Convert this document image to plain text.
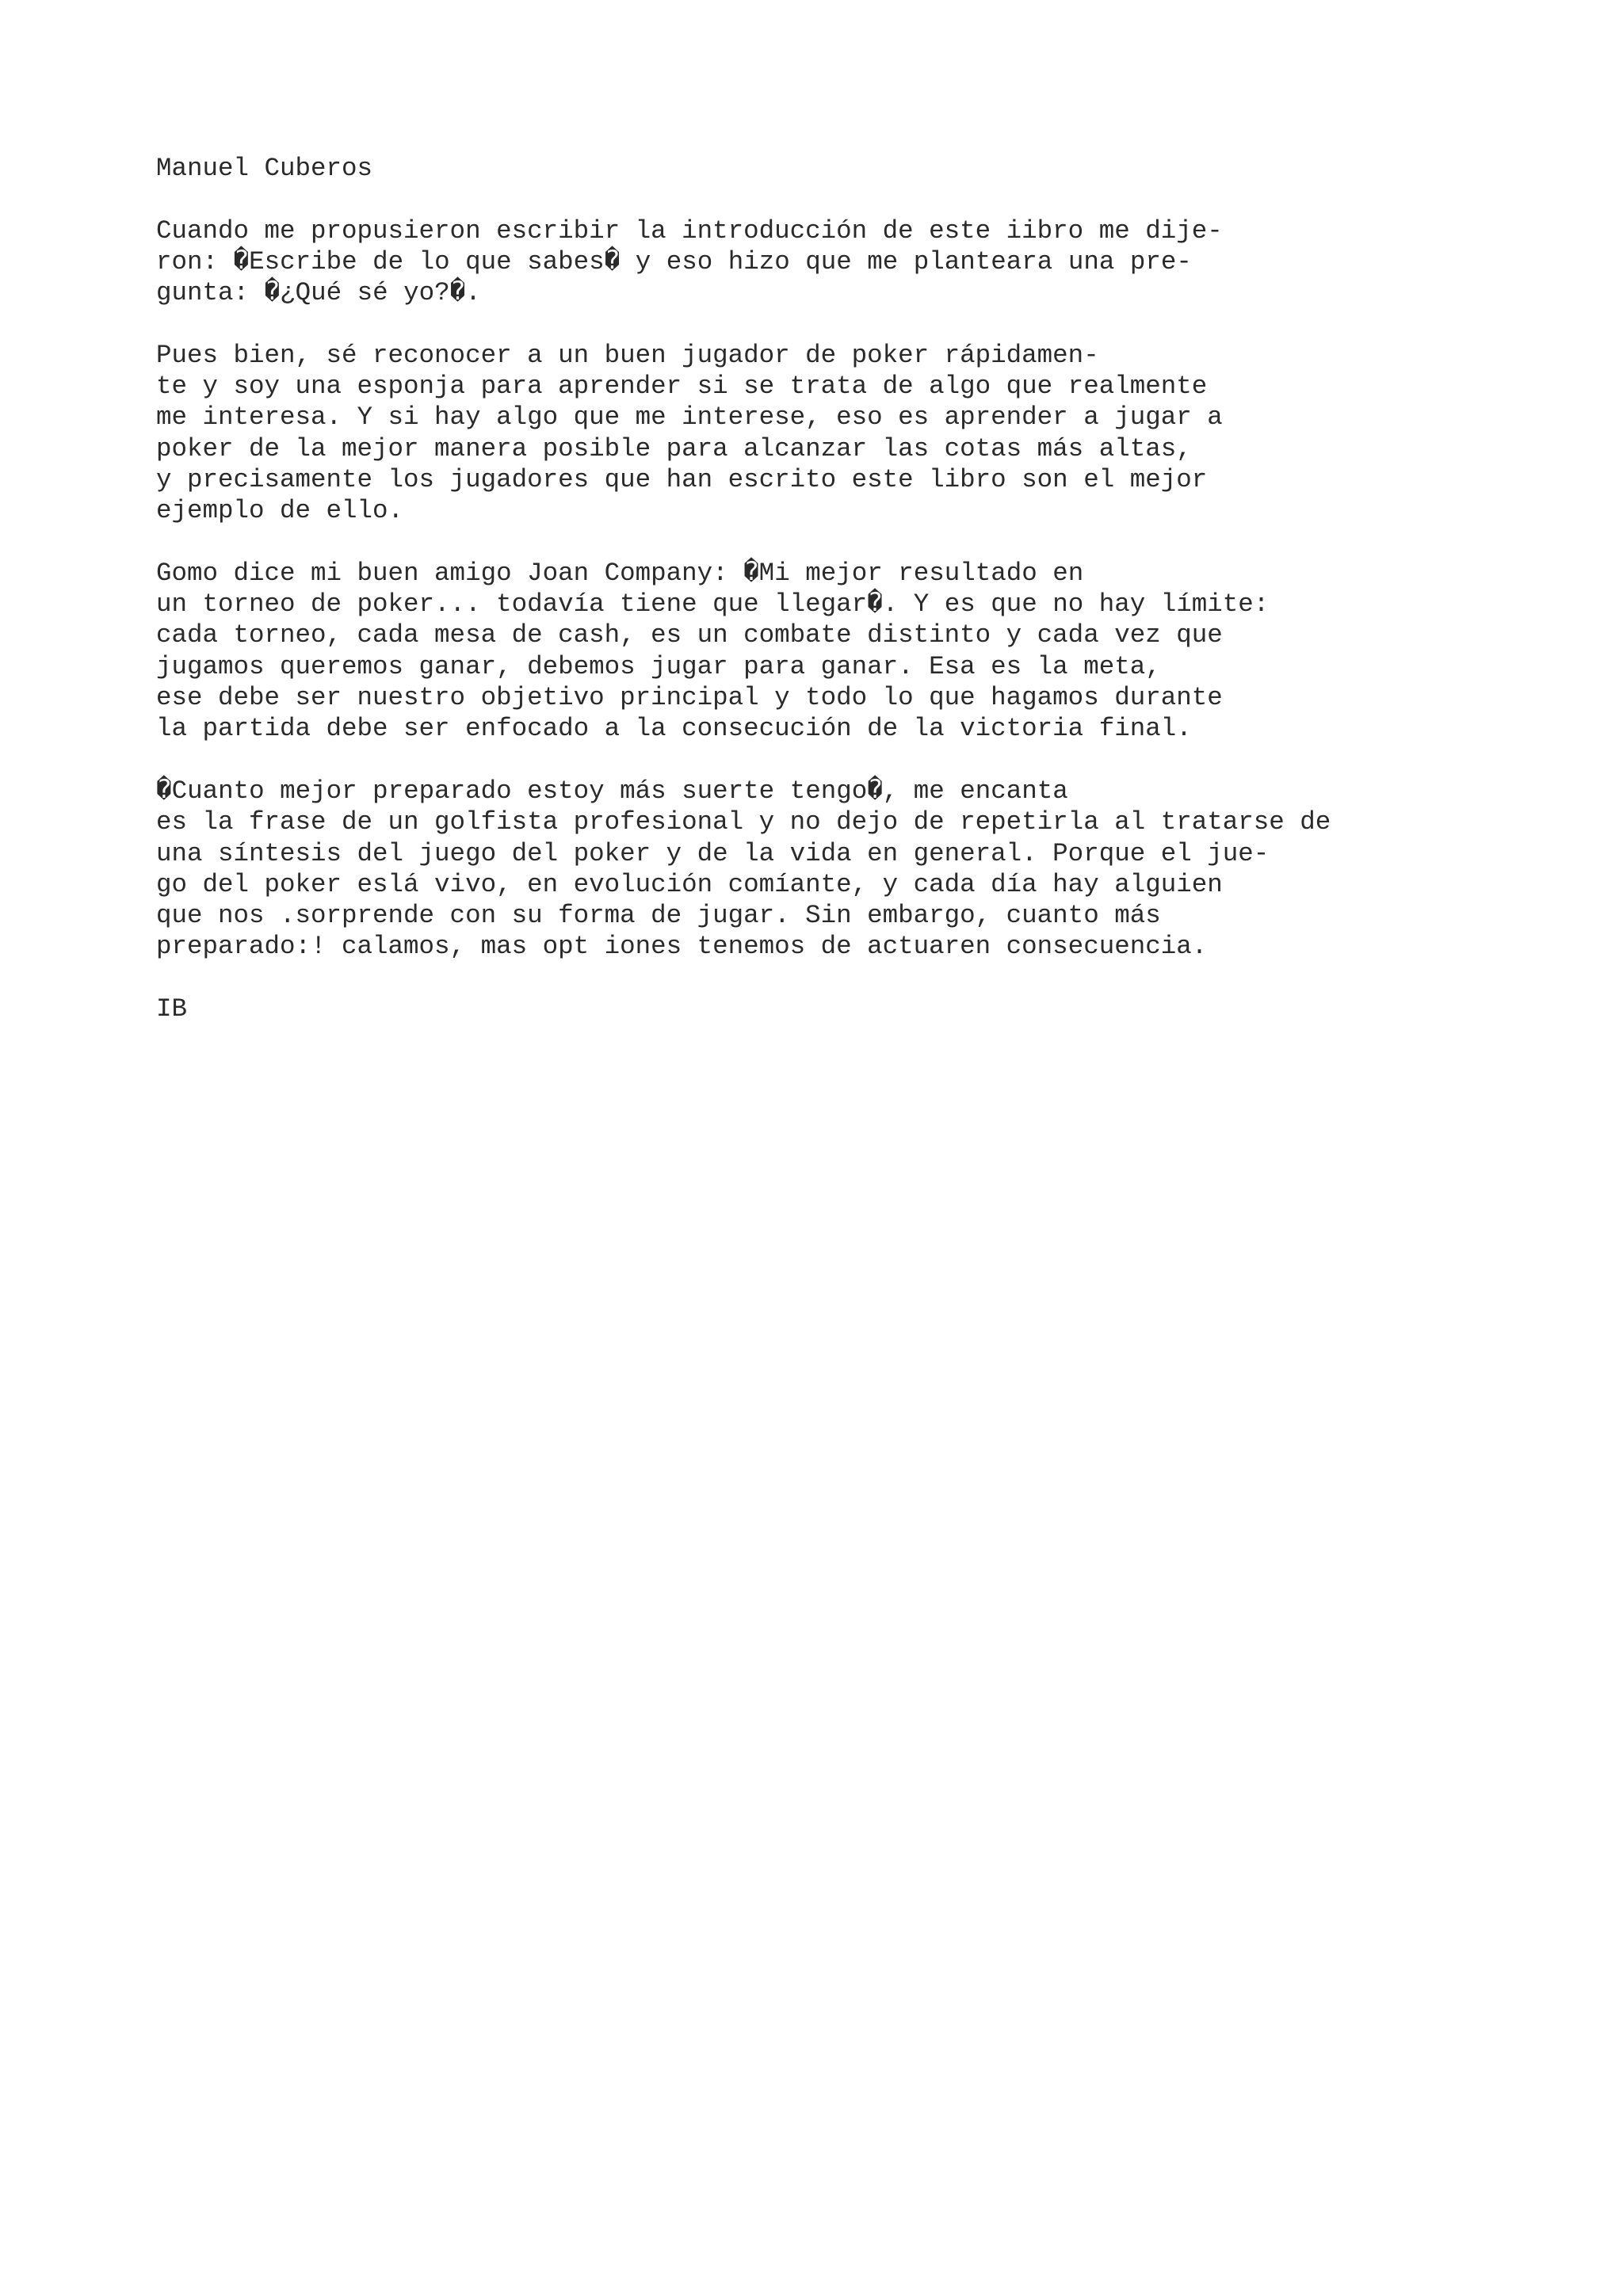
Manuel Cuberos
Cuando me propusieron escribir la introducción de este iibro me dije-
ron: �Escribe de lo que sabes� y eso hizo que me planteara una pre-
gunta: �¿Qué sé yo?�.
Pues bien, sé reconocer a un buen jugador de poker rápidamen-
te y soy una esponja para aprender si se trata de algo que realmente
me interesa. Y si hay algo que me interese, eso es aprender a jugar a
poker de la mejor manera posible para alcanzar las cotas más altas,
y precisamente los jugadores que han escrito este libro son el mejor
ejemplo de ello.
Gomo dice mi buen amigo Joan Company: �Mi mejor resultado en
un torneo de poker... todavía tiene que llegar�. Y es que no hay límite:
cada torneo, cada mesa de cash, es un combate distinto y cada vez que
jugamos queremos ganar, debemos jugar para ganar. Esa es la meta,
ese debe ser nuestro objetivo principal y todo lo que hagamos durante
la partida debe ser enfocado a la consecución de la victoria final.
�Cuanto mejor preparado estoy más suerte tengo�, me encanta
es la frase de un golfista profesional y no dejo de repetirla al tratarse de
una síntesis del juego del poker y de la vida en general. Porque el jue-
go del poker eslá vivo, en evolución comíante, y cada día hay alguien
que nos .sorprende con su forma de jugar. Sin embargo, cuanto más
preparado:! calamos, mas opt iones tenemos de actuaren consecuencia.
IB
